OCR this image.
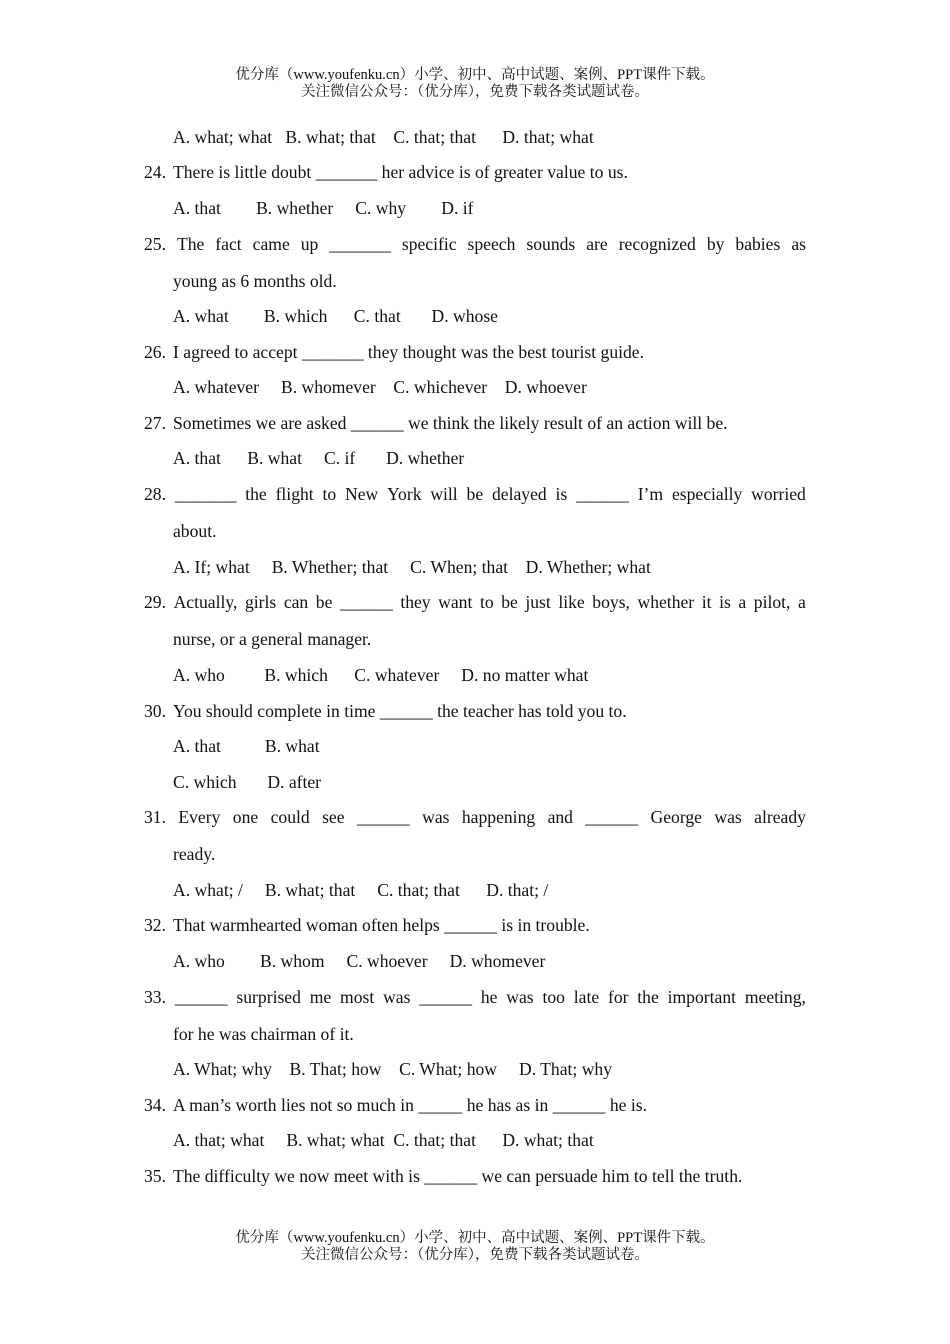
优分库（www.youfenku.cn）小学、初中、高中试题、案例、PPT课件下载。
关注微信公众号：（优分库），免费下载各类试题试卷。
A. what; what   B. what; that    C. that; that      D. that; what
24. There is little doubt _______ her advice is of greater value to us.
A. that        B. whether     C. why        D. if
25. The fact came up _______ specific speech sounds are recognized by babies as
young as 6 months old.
A. what        B. which      C. that       D. whose
26. I agreed to accept _______ they thought was the best tourist guide.
A. whatever     B. whomever    C. whichever    D. whoever
27. Sometimes we are asked ______ we think the likely result of an action will be.
A. that      B. what     C. if       D. whether
28. _______ the flight to New York will be delayed is ______ I’m especially worried
about.
A. If; what     B. Whether; that     C. When; that    D. Whether; what
29. Actually, girls can be ______ they want to be just like boys, whether it is a pilot, a
nurse, or a general manager.
A. who         B. which      C. whatever     D. no matter what
30. You should complete in time ______ the teacher has told you to.
A. that          B. what
C. which       D. after
31. Every one could see ______ was happening and ______ George was already
ready.
A. what; /     B. what; that     C. that; that      D. that; /
32. That warmhearted woman often helps ______ is in trouble.
A. who        B. whom     C. whoever     D. whomever
33. ______ surprised me most was ______ he was too late for the important meeting,
for he was chairman of it.
A. What; why    B. That; how    C. What; how     D. That; why
34. A man’s worth lies not so much in _____ he has as in ______ he is.
A. that; what     B. what; what  C. that; that      D. what; that
35. The difficulty we now meet with is ______ we can persuade him to tell the truth.
优分库（www.youfenku.cn）小学、初中、高中试题、案例、PPT课件下载。
关注微信公众号：（优分库），免费下载各类试题试卷。
